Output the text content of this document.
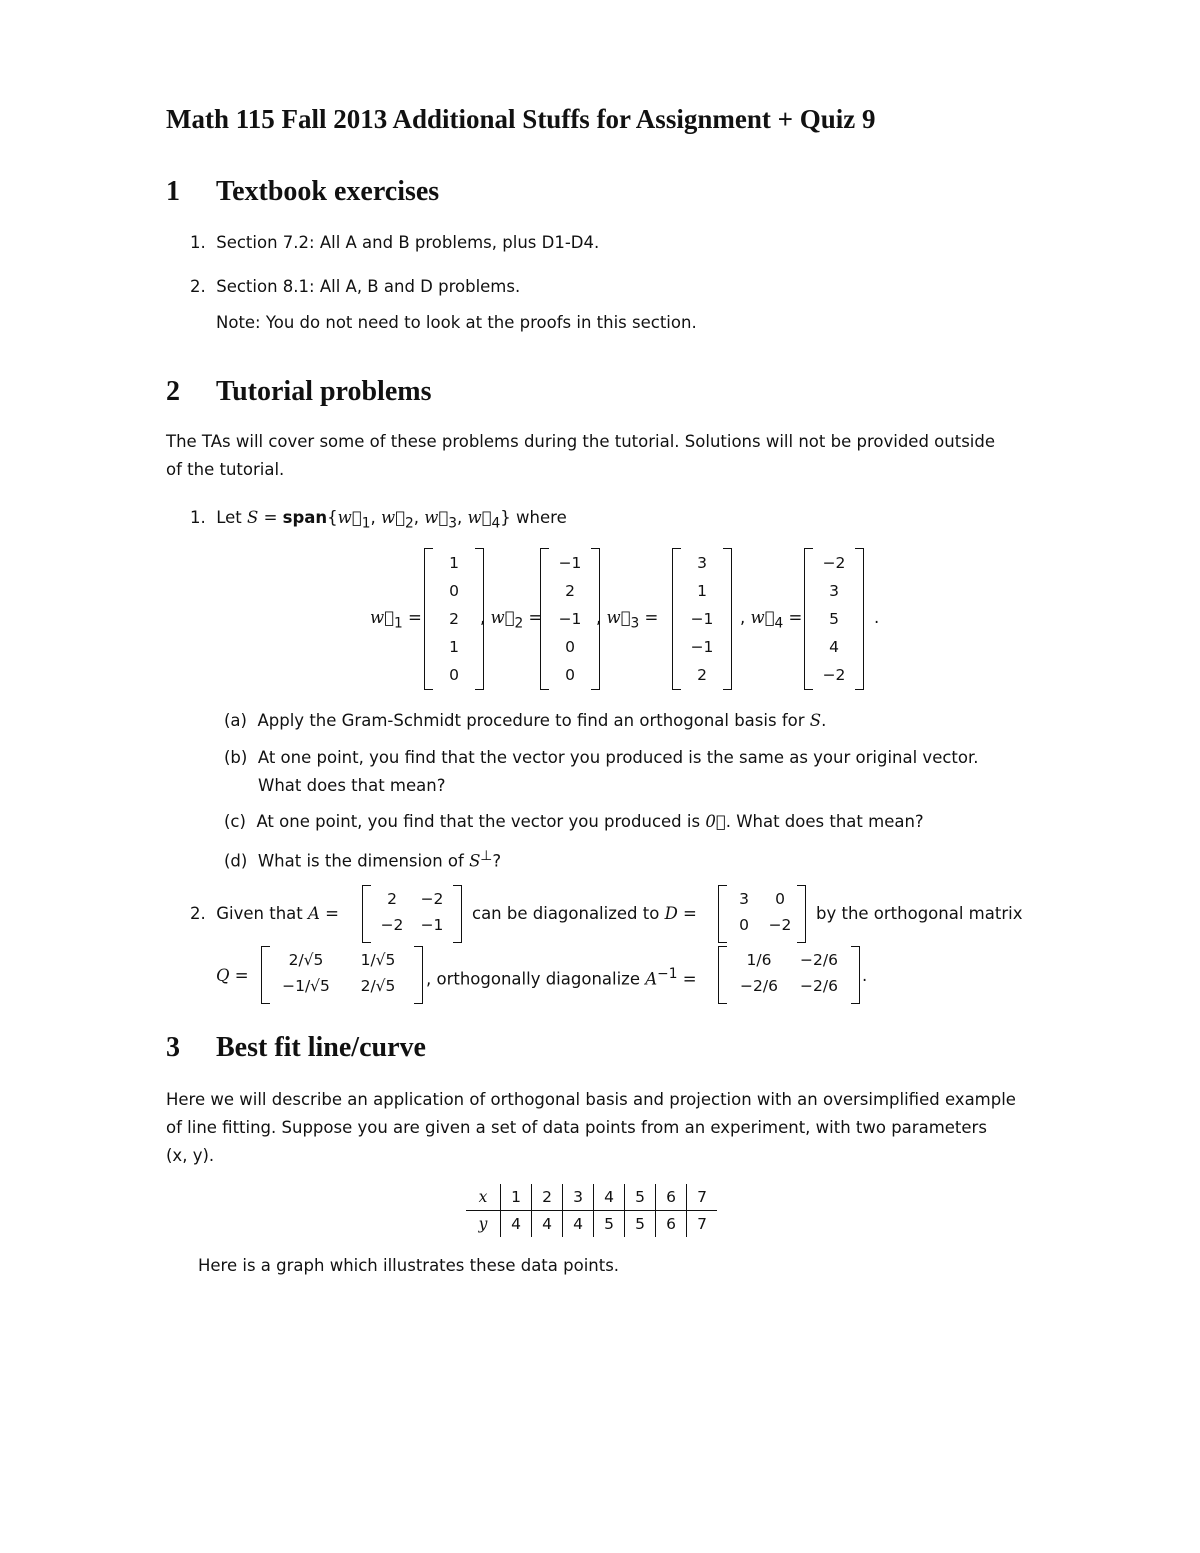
Math 115 Fall 2013 Additional Stuffs for Assignment + Quiz 9
1 Textbook exercises
1.  Section 7.2: All A and B problems, plus D1-D4.
2.  Section 8.1: All A, B and D problems.
Note: You do not need to look at the proofs in this section.
2 Tutorial problems
The TAs will cover some of these problems during the tutorial. Solutions will not be provided outside
of the tutorial.
1.  Let $S = span\{w⃗_1$, $w⃗_2$, $w⃗_3$, $w⃗_4$} where
$w⃗_1$ =
1
0
2
1
0
, $w⃗_2$ =
−1
2
−1
0
0
, $w⃗_3$ =
3
1
−1
−1
2
, $w⃗_4$ =
−2
3
5
4
−2
.
(a)  Apply the Gram-Schmidt procedure to find an orthogonal basis for S.
(b)  At one point, you find that the vector you produced is the same as your original vector.
What does that mean?
(c)  At one point, you find that the vector you produced is 0⃗. What does that mean?
(d)  What is the dimension of S⊥?
2.  Given that A =
2	−2
−2	−1
can be diagonalized to D =
3	0
0	−2
by the orthogonal matrix
Q =
2/√5	1/√5
−1/√5	2/√5	, orthogonally diagonalize $A^{-1}$ =
1/6	−2/6
−2/6	−2/6
.
3 Best fit line/curve
Here we will describe an application of orthogonal basis and projection with an oversimplified example
of line fitting. Suppose you are given a set of data points from an experiment, with two parameters
(x, y).
x	1	2	3	4	5	6	7
y	4	4	4	5	5	6	7
Here is a graph which illustrates these data points.
